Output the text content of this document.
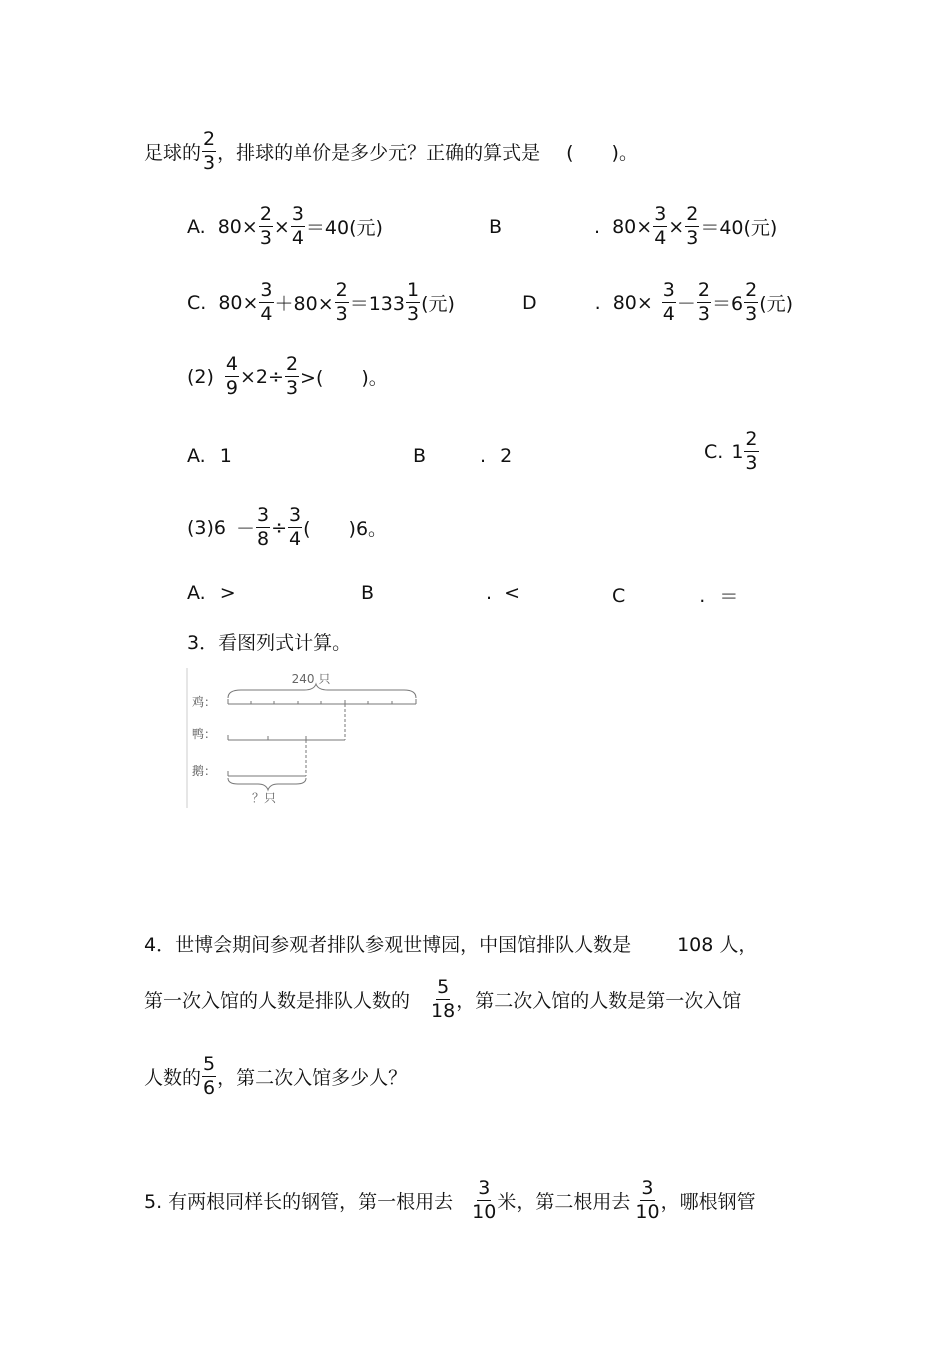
足球的 $\frac{2}{3}$ ，排球的单价是多少元？正确的算式是 (　　)。
A. $80\times \frac{2}{3} \times \frac{3}{4} =40$(元)	B	. $80\times \frac{3}{4} \times \frac{2}{3} =40$(元)
C. $80\times \frac{3}{4} +80\times \frac{2}{3} =133 \frac{1}{3}$ (元)	D	. $80\times \frac{3}{4} - \frac{2}{3} =6 \frac{2}{3}$ (元)
$(2) \frac{4}{9} \times 2\div \frac{2}{3}$ >(　　)。
A. 1	B	. 2	C. $1 \frac{2}{3}$
$(3)6 - \frac{3}{8} \div \frac{3}{4}$ (　　)6。
A. >	B	. <	C	. ＝
3．看图列式计算。
240 只
鸡：
鸭：
鹅：
？只
4．世博会期间参观者排队参观世博园，中国馆排队人数是 108 人，
第一次入馆的人数是排队人数的 $\frac{5}{18}$ ，第二次入馆的人数是第一次入馆
人数的 $\frac{5}{6}$ ，第二次入馆多少人？
5. 有两根同样长的钢管，第一根用去 $\frac{3}{10}$ 米，第二根用去 $\frac{3}{10}$ ，哪根钢管
